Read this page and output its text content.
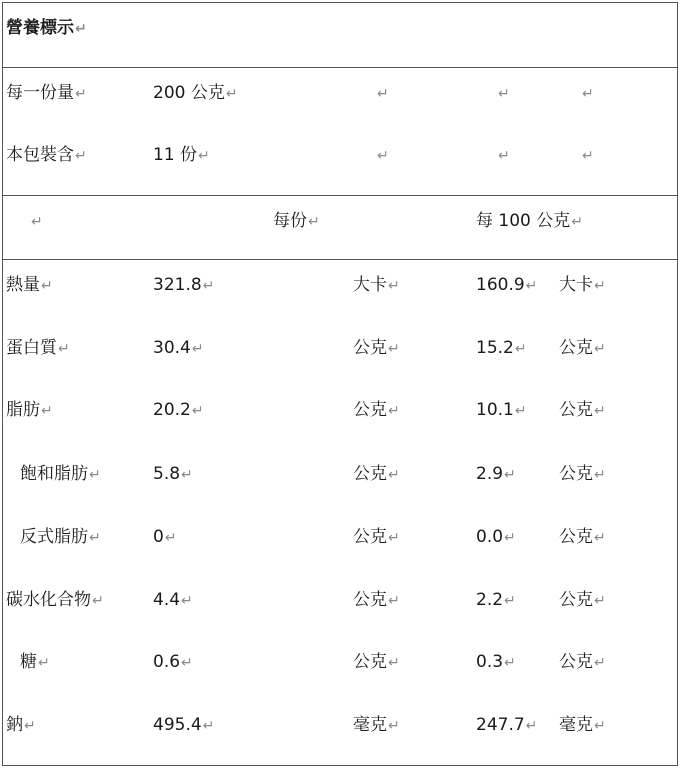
營養標示↵
每一份量↵	200 公克↵	↵	↵	↵
本包裝含↵	11 份↵	↵	↵	↵
↵	每份↵	每 100 公克↵
熱量↵	321.8↵	大卡↵	160.9↵ 大卡↵
蛋白質↵	30.4↵	公克↵	15.2↵ 公克↵
脂肪↵	20.2↵	公克↵	10.1↵ 公克↵
飽和脂肪↵	5.8↵	公克↵	2.9↵	公克↵
反式脂肪↵	0↵	公克↵	0.0↵	公克↵
碳水化合物↵	4.4↵	公克↵	2.2↵	公克↵
糖↵	0.6↵	公克↵	0.3↵	公克↵
鈉↵	495.4↵	毫克↵	247.7↵ 毫克↵
